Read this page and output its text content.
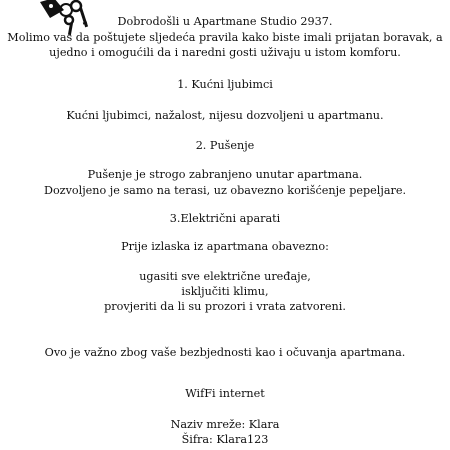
Dobrodošli u Apartmane Studio 2937.
Molimo vas da poštujete sljedeća pravila kako biste imali prijatan boravak, a
ujedno i omogućili da i naredni gosti uživaju u istom komforu.
1. Kućni ljubimci
Kućni ljubimci, nažalost, nijesu dozvoljeni u apartmanu.
2. Pušenje
Pušenje je strogo zabranjeno unutar apartmana.
Dozvoljeno je samo na terasi, uz obavezno korišćenje pepeljare.
3.Električni aparati
Prije izlaska iz apartmana obavezno:
ugasiti sve električne uređaje,
isključiti klimu,
provjeriti da li su prozori i vrata zatvoreni.
Ovo je važno zbog vaše bezbjednosti kao i očuvanja apartmana.
WifFi internet
Naziv mreže: Klara
Šifra: Klara123
